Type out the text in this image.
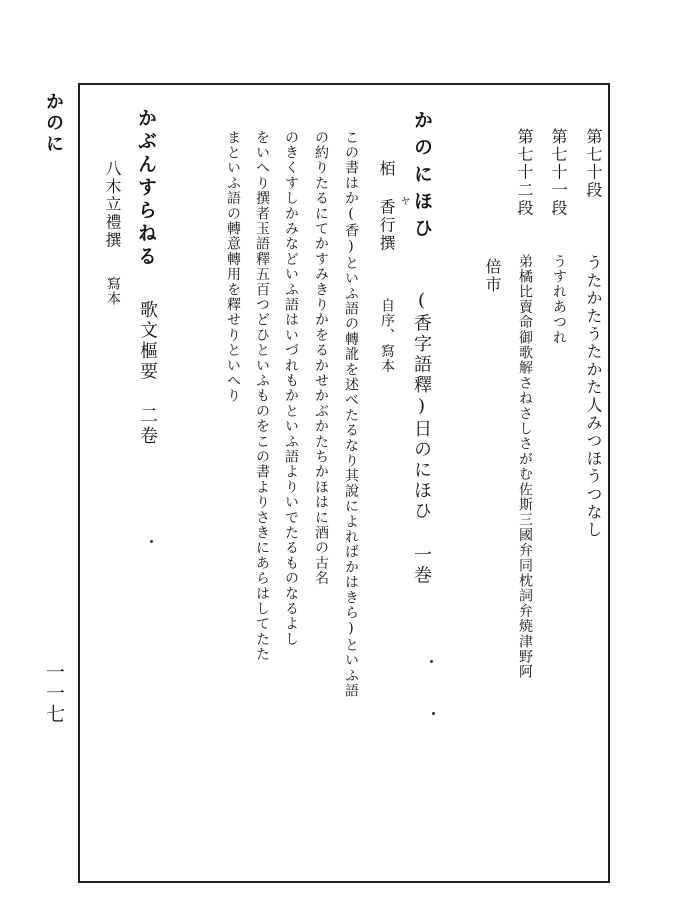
かのに
第七十段
うたかたうたかた人みつほうつなし
第七十一段
うすれあつれ
第七十二段
弟橘比賣命御歌解さねさしさがむ佐斯三國弁同枕詞弁焼津野阿
倍市
かのにほひ
ヤ
(香字語釋)日のにほひ 一巻
栢 香行撰
自序、寫本
この書はか(香)といふ語の轉訛を述べたるなり其說によればかはきら)といふ語
の約りたるにてかすみきりかをるかせかぶかたちかほはに酒の古名
のきくすしかみなどいふ語はいづれもかといふ語よりいでたるものなるよし
をいへり撰者玉語釋五百つどひといふものをこの書よりさきにあらはしてたた
まといふ語の轉意轉用を釋せりといへり
かぶんすらねる
歌文樞要 二卷
八木立禮撰
寫本
一一七
